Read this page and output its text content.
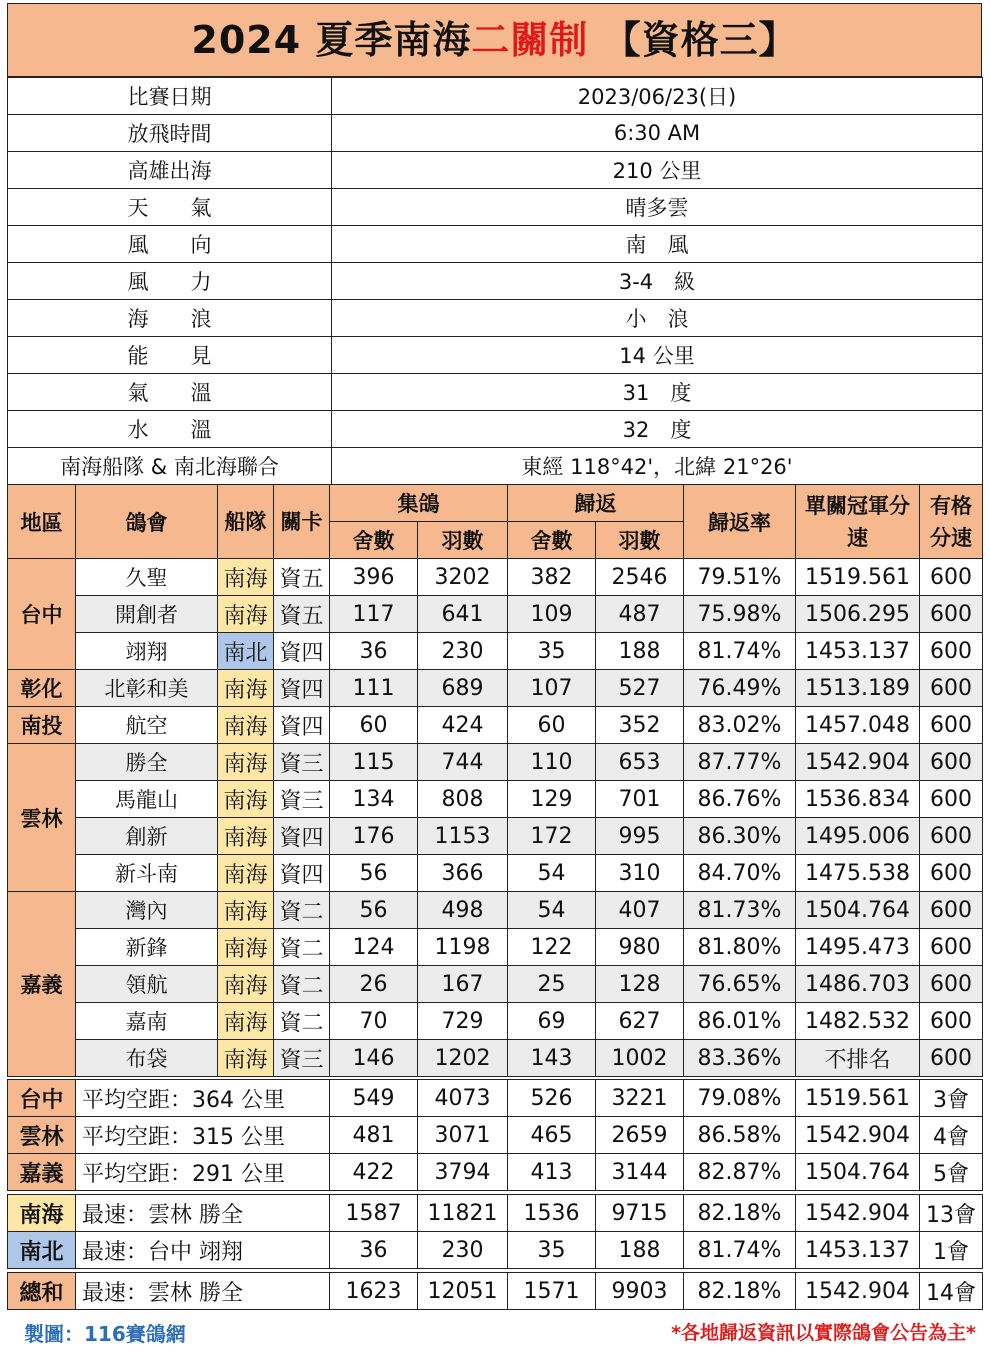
2024 夏季南海二關制 【資格三】
比賽日期	2023/06/23(日)
放飛時間	6:30 AM
高雄出海	210 公里
天　　氣	晴多雲
風　　向	南　風
風　　力	3-4　級
海　　浪	小　浪
能　　見	14 公里
氣　　溫	31　度
水　　溫	32　度
南海船隊 & 南北海聯合	東經 118°42'，北緯 21°26'
地區	鴿會	船隊	關卡	集鴿		歸返		歸返率	單關冠軍分速	有格分速
				舍數	羽數	舍數	羽數			
台中	久聖	南海	資五	396	3202	382	2546	79.51%	1519.561	600
	開創者	南海	資五	117	641	109	487	75.98%	1506.295	600
	翊翔	南北	資四	36	230	35	188	81.74%	1453.137	600
彰化	北彰和美	南海	資四	111	689	107	527	76.49%	1513.189	600
南投	航空	南海	資四	60	424	60	352	83.02%	1457.048	600
雲林	勝全	南海	資三	115	744	110	653	87.77%	1542.904	600
	馬龍山	南海	資三	134	808	129	701	86.76%	1536.834	600
	創新	南海	資四	176	1153	172	995	86.30%	1495.006	600
	新斗南	南海	資四	56	366	54	310	84.70%	1475.538	600
嘉義	灣內	南海	資二	56	498	54	407	81.73%	1504.764	600
	新鋒	南海	資二	124	1198	122	980	81.80%	1495.473	600
	領航	南海	資二	26	167	25	128	76.65%	1486.703	600
	嘉南	南海	資二	70	729	69	627	86.01%	1482.532	600
	布袋	南海	資三	146	1202	143	1002	83.36%	不排名	600
台中	平均空距：364 公里	549	4073	526	3221	79.08%	1519.561	3會
雲林	平均空距：315 公里	481	3071	465	2659	86.58%	1542.904	4會
嘉義	平均空距：291 公里	422	3794	413	3144	82.87%	1504.764	5會
南海	最速：雲林 勝全	1587	11821	1536	9715	82.18%	1542.904	13會
南北	最速：台中 翊翔	36	230	35	188	81.74%	1453.137	1會
總和	最速：雲林 勝全	1623	12051	1571	9903	82.18%	1542.904	14會
製圖：116賽鴿網	*各地歸返資訊以實際鴿會公告為主*
